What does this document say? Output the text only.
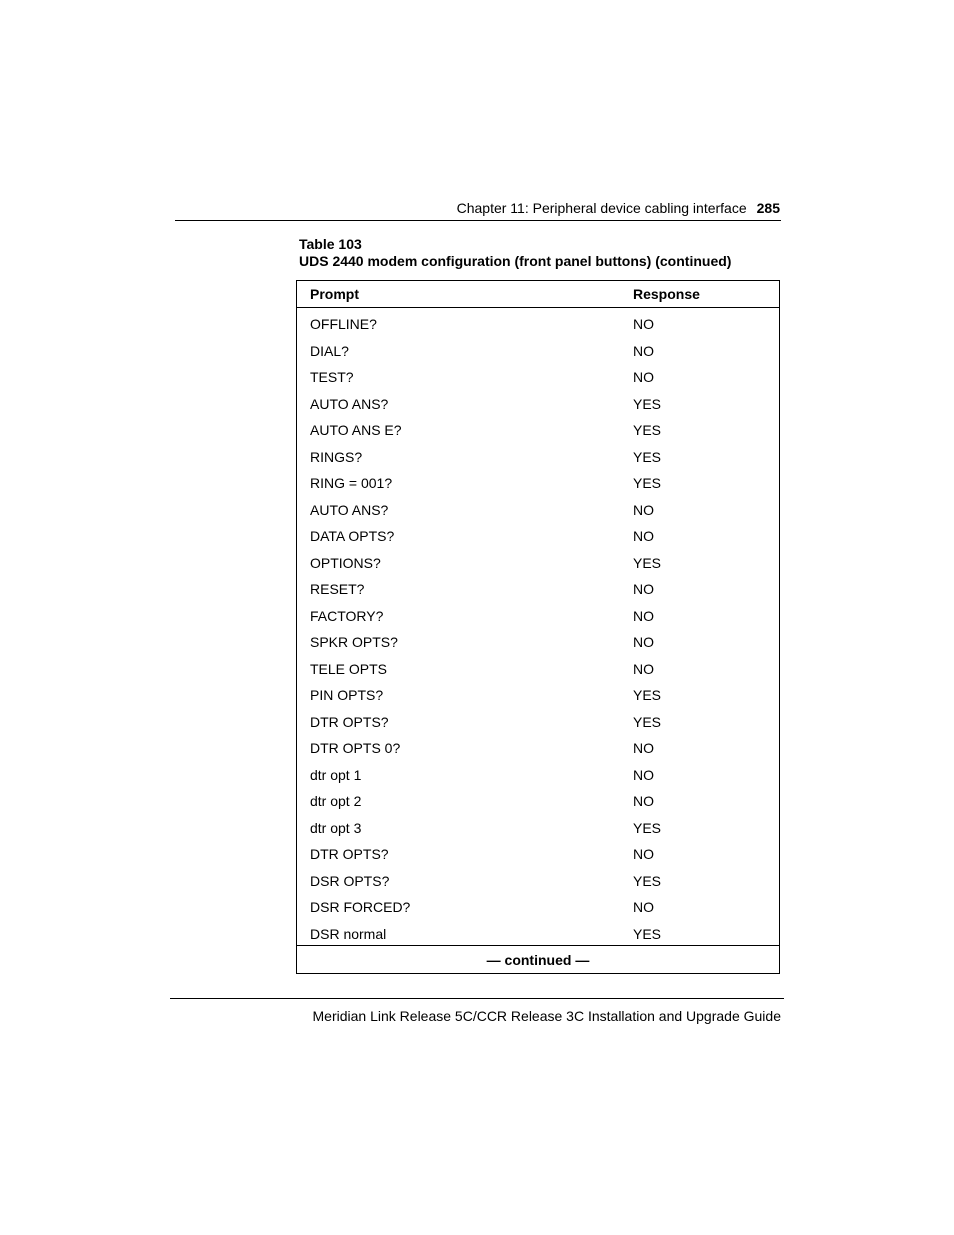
Chapter 11: Peripheral device cabling interface 285
Table 103
UDS 2440 modem configuration (front panel buttons) (continued)
Prompt	Response
OFFLINE?	NO
DIAL?	NO
TEST?	NO
AUTO ANS?	YES
AUTO ANS E?	YES
RINGS?	YES
RING = 001?	YES
AUTO ANS?	NO
DATA OPTS?	NO
OPTIONS?	YES
RESET?	NO
FACTORY?	NO
SPKR OPTS?	NO
TELE OPTS	NO
PIN OPTS?	YES
DTR OPTS?	YES
DTR OPTS 0?	NO
dtr opt 1	NO
dtr opt 2	NO
dtr opt 3	YES
DTR OPTS?	NO
DSR OPTS?	YES
DSR FORCED?	NO
DSR normal	YES
— continued —
Meridian Link Release 5C/CCR Release 3C Installation and Upgrade Guide
